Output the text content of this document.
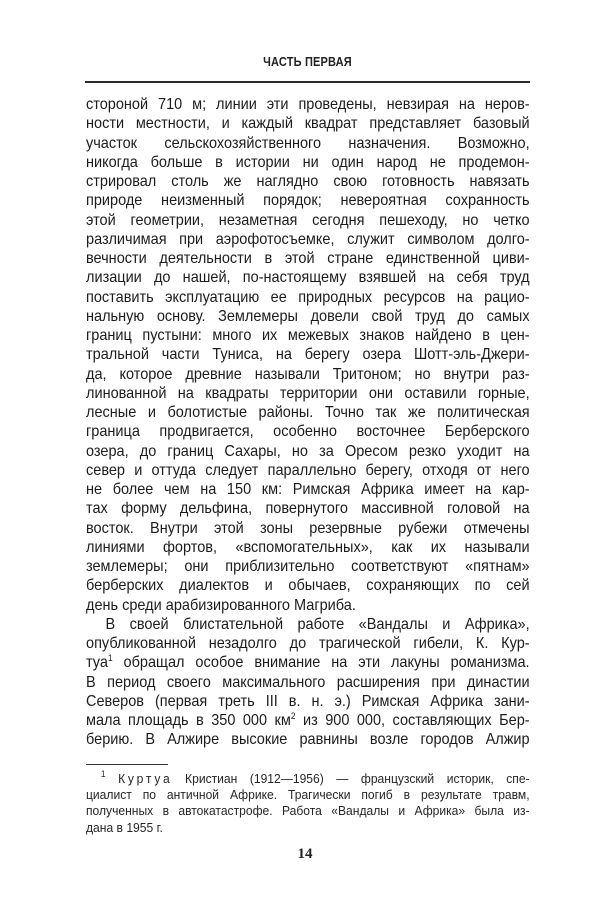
ЧАСТЬ ПЕРВАЯ
стороной 710 м; линии эти проведены, невзирая на неров-
ности местности, и каждый квадрат представляет базовый
участок сельскохозяйственного назначения. Возможно,
никогда больше в истории ни один народ не продемон-
стрировал столь же наглядно свою готовность навязать
природе неизменный порядок; невероятная сохранность
этой геометрии, незаметная сегодня пешеходу, но четко
различимая при аэрофотосъемке, служит символом долго-
вечности деятельности в этой стране единственной циви-
лизации до нашей, по-настоящему взявшей на себя труд
поставить эксплуатацию ее природных ресурсов на рацио-
нальную основу. Землемеры довели свой труд до самых
границ пустыни: много их межевых знаков найдено в цен-
тральной части Туниса, на берегу озера Шотт-эль-Джери-
да, которое древние называли Тритоном; но внутри раз-
линованной на квадраты территории они оставили горные,
лесные и болотистые районы. Точно так же политическая
граница продвигается, особенно восточнее Берберского
озера, до границ Сахары, но за Оресом резко уходит на
север и оттуда следует параллельно берегу, отходя от него
не более чем на 150 км: Римская Африка имеет на кар-
тах форму дельфина, повернутого массивной головой на
восток. Внутри этой зоны резервные рубежи отмечены
линиями фортов, «вспомогательных», как их называли
землемеры; они приблизительно соответствуют «пятнам»
берберских диалектов и обычаев, сохраняющих по сей
день среди арабизированного Магриба.
В своей блистательной работе «Вандалы и Африка»,
опубликованной незадолго до трагической гибели, К. Кур-
туа$^1$ обращал особое внимание на эти лакуны романизма.
В период своего максимального расширения при династии
Северов (первая треть III в. н. э.) Римская Африка зани-
мала площадь в 350 000 $км^2$ из 900 000, составляющих Бер-
берию. В Алжире высокие равнины возле городов Алжир
$^1$ Куртуа Кристиан (1912—1956) — французский историк, спе-
циалист по античной Африке. Трагически погиб в результате травм,
полученных в автокатастрофе. Работа «Вандалы и Африка» была из-
дана в 1955 г.
14
